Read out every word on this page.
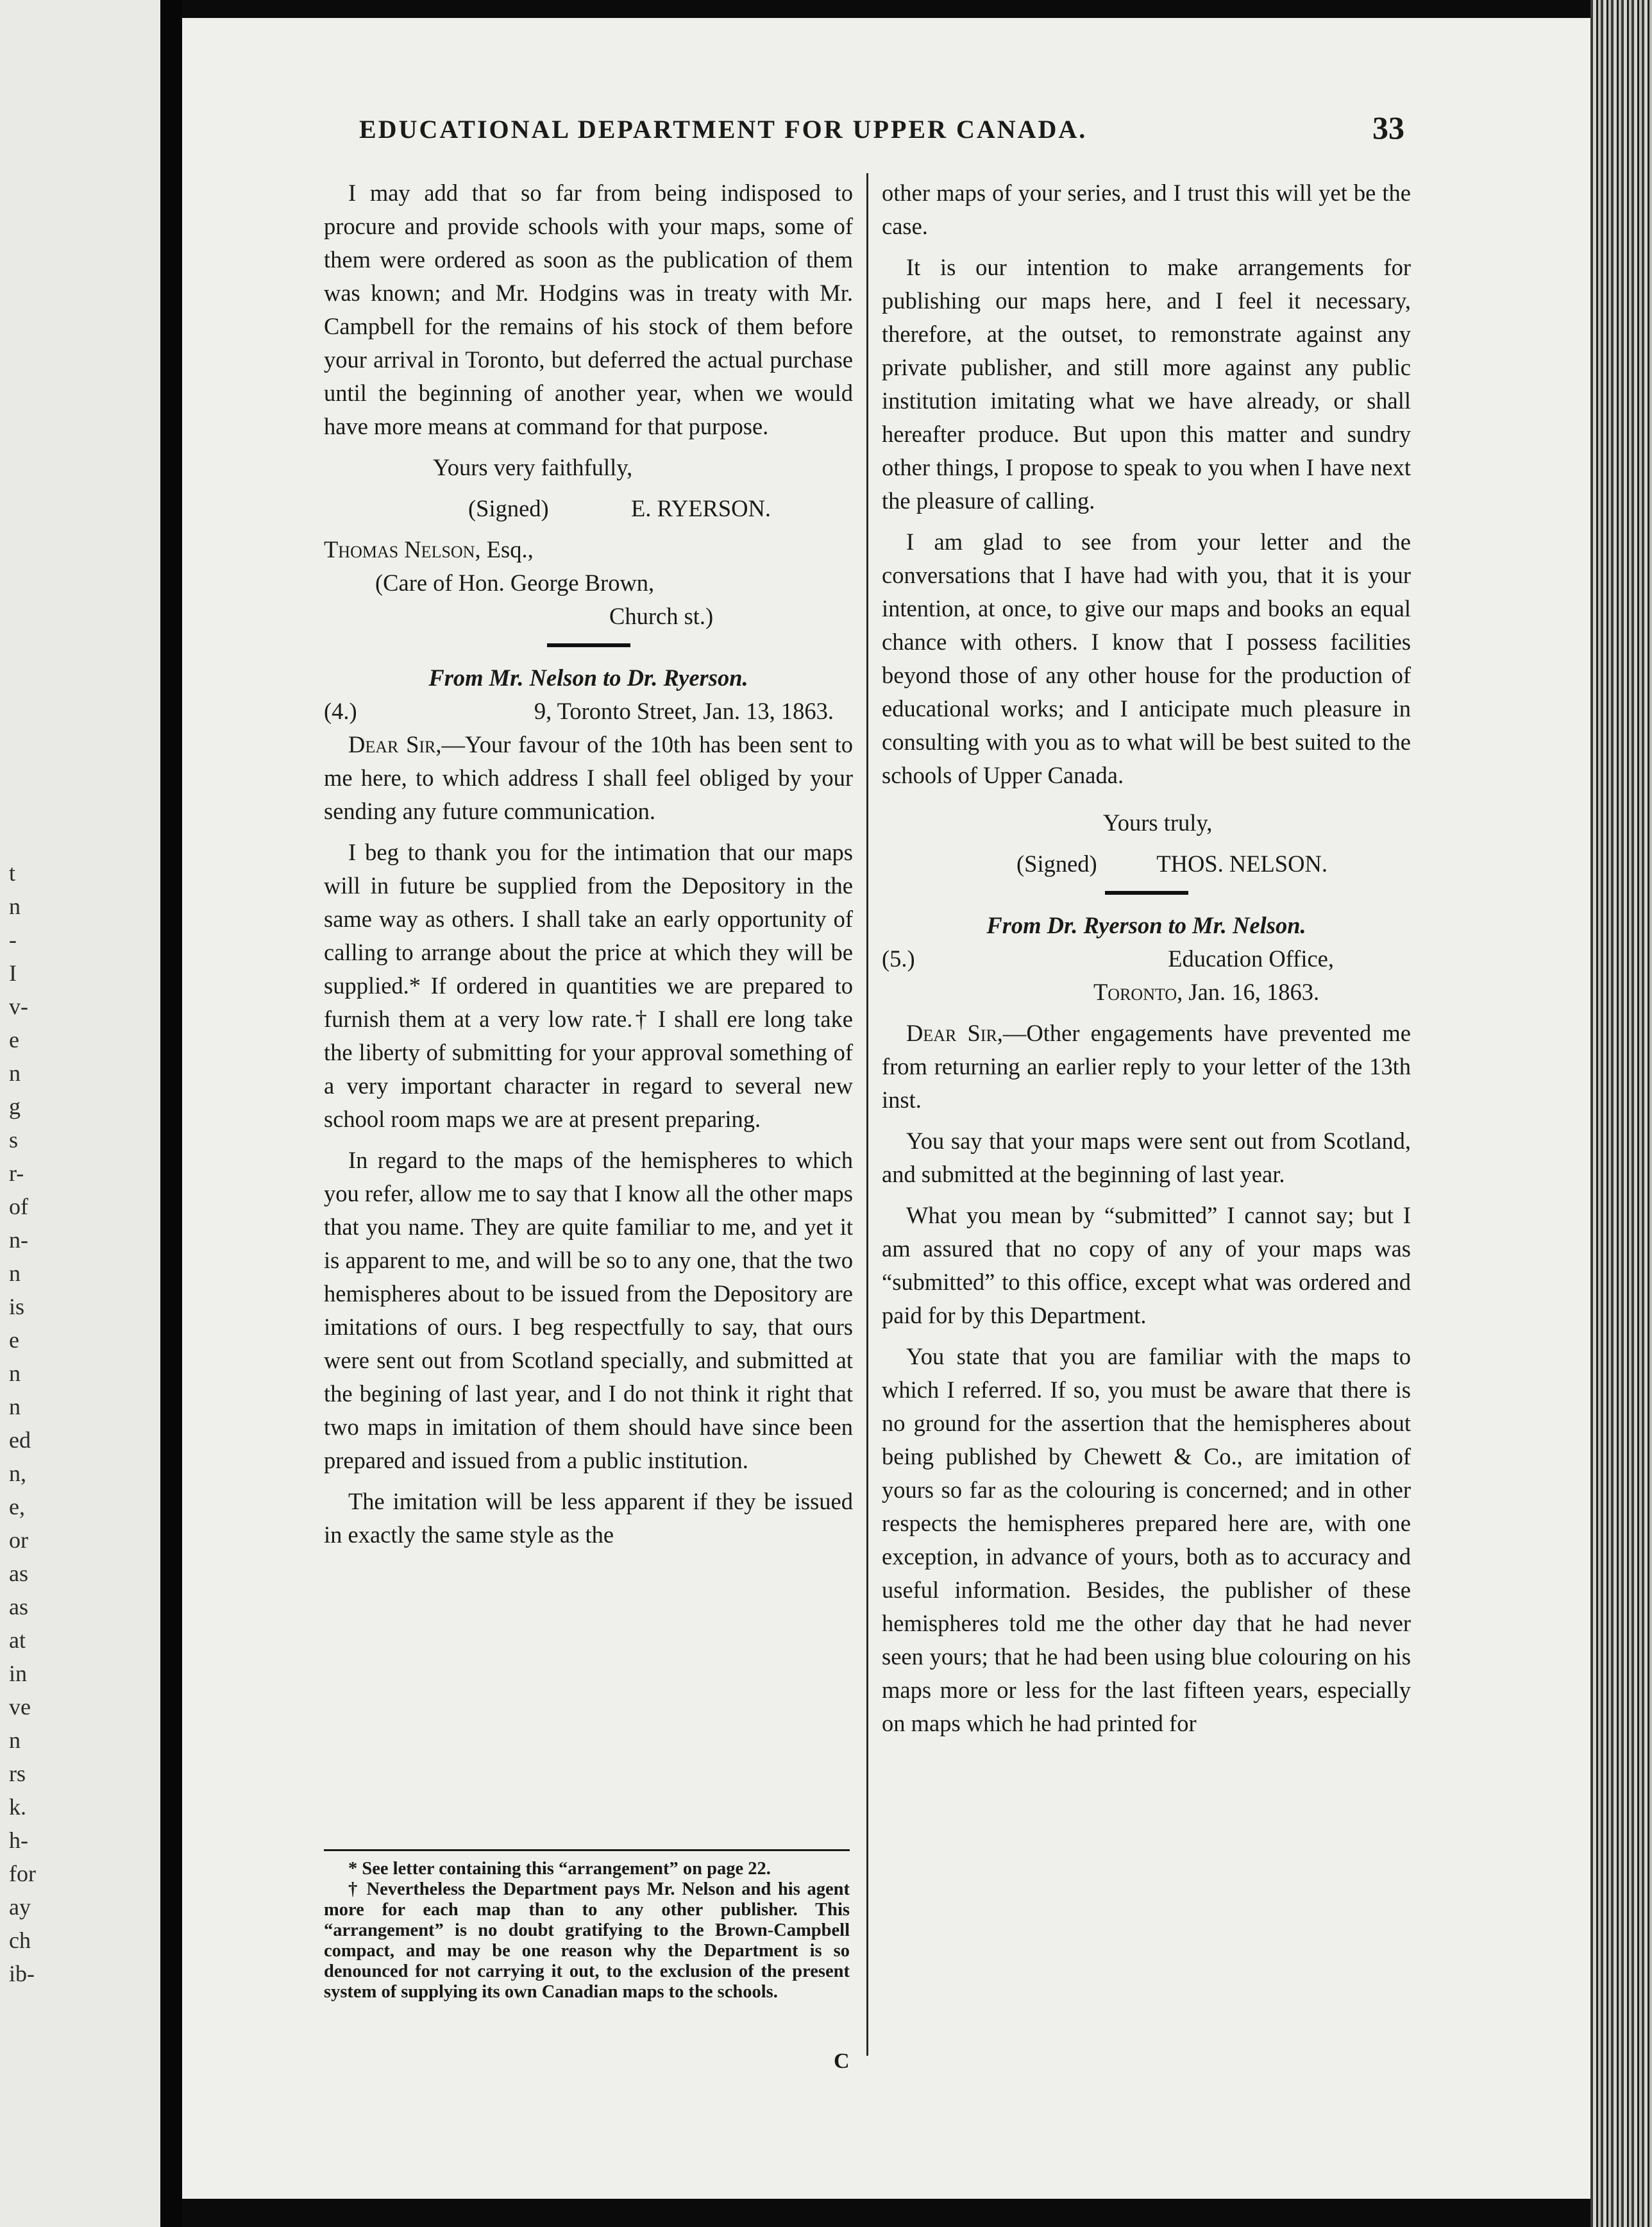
t
n
-
I
v-
e
n
g
s
r-
of
n-
n
is
e
n
n
ed
n,
e,
or
as
as
at
in
ve
n
rs
k.
h-
for
ay
ch
ib-
EDUCATIONAL DEPARTMENT FOR UPPER CANADA.	33

I may add that so far from being indisposed to procure and provide schools with your maps, some of them were ordered as soon as the publication of them was known; and Mr. Hodgins was in treaty with Mr. Campbell for the remains of his stock of them before your arrival in Toronto, but deferred the actual purchase until the beginning of another year, when we would have more means at command for that purpose.

Yours very faithfully,

(Signed)	E. RYERSON.

Thomas Nelson, Esq.,

(Care of Hon. George Brown,

Church st.)

From Mr. Nelson to Dr. Ryerson.

(4.)	9, Toronto Street, Jan. 13, 1863.

Dear Sir,—Your favour of the 10th has been sent to me here, to which address I shall feel obliged by your sending any future communication.

I beg to thank you for the intimation that our maps will in future be supplied from the Depository in the same way as others. I shall take an early opportunity of calling to arrange about the price at which they will be supplied.* If ordered in quantities we are prepared to furnish them at a very low rate.† I shall ere long take the liberty of submitting for your approval something of a very important character in regard to several new school room maps we are at present preparing.

In regard to the maps of the hemispheres to which you refer, allow me to say that I know all the other maps that you name. They are quite familiar to me, and yet it is apparent to me, and will be so to any one, that the two hemispheres about to be issued from the Depository are imitations of ours. I beg respectfully to say, that ours were sent out from Scotland specially, and submitted at the begining of last year, and I do not think it right that two maps in imitation of them should have since been prepared and issued from a public institution.

The imitation will be less apparent if they be issued in exactly the same style as the

* See letter containing this “arrangement” on page 22.

† Nevertheless the Department pays Mr. Nelson and his agent more for each map than to any other publisher. This “arrangement” is no doubt gratifying to the Brown-Campbell compact, and may be one reason why the Department is so denounced for not carrying it out, to the exclusion of the present system of supplying its own Canadian maps to the schools.

C

other maps of your series, and I trust this will yet be the case.

It is our intention to make arrangements for publishing our maps here, and I feel it necessary, therefore, at the outset, to remonstrate against any private publisher, and still more against any public institution imitating what we have already, or shall hereafter produce. But upon this matter and sundry other things, I propose to speak to you when I have next the pleasure of calling.

I am glad to see from your letter and the conversations that I have had with you, that it is your intention, at once, to give our maps and books an equal chance with others. I know that I possess facilities beyond those of any other house for the production of educational works; and I anticipate much pleasure in consulting with you as to what will be best suited to the schools of Upper Canada.

Yours truly,

(Signed)	THOS. NELSON.

From Dr. Ryerson to Mr. Nelson.

(5.)	Education Office,

Toronto, Jan. 16, 1863.

Dear Sir,—Other engagements have prevented me from returning an earlier reply to your letter of the 13th inst.

You say that your maps were sent out from Scotland, and submitted at the beginning of last year.

What you mean by “submitted” I cannot say; but I am assured that no copy of any of your maps was “submitted” to this office, except what was ordered and paid for by this Department.

You state that you are familiar with the maps to which I referred. If so, you must be aware that there is no ground for the assertion that the hemispheres about being published by Chewett & Co., are imitation of yours so far as the colouring is concerned; and in other respects the hemispheres prepared here are, with one exception, in advance of yours, both as to accuracy and useful information. Besides, the publisher of these hemispheres told me the other day that he had never seen yours; that he had been using blue colouring on his maps more or less for the last fifteen years, especially on maps which he had printed for
